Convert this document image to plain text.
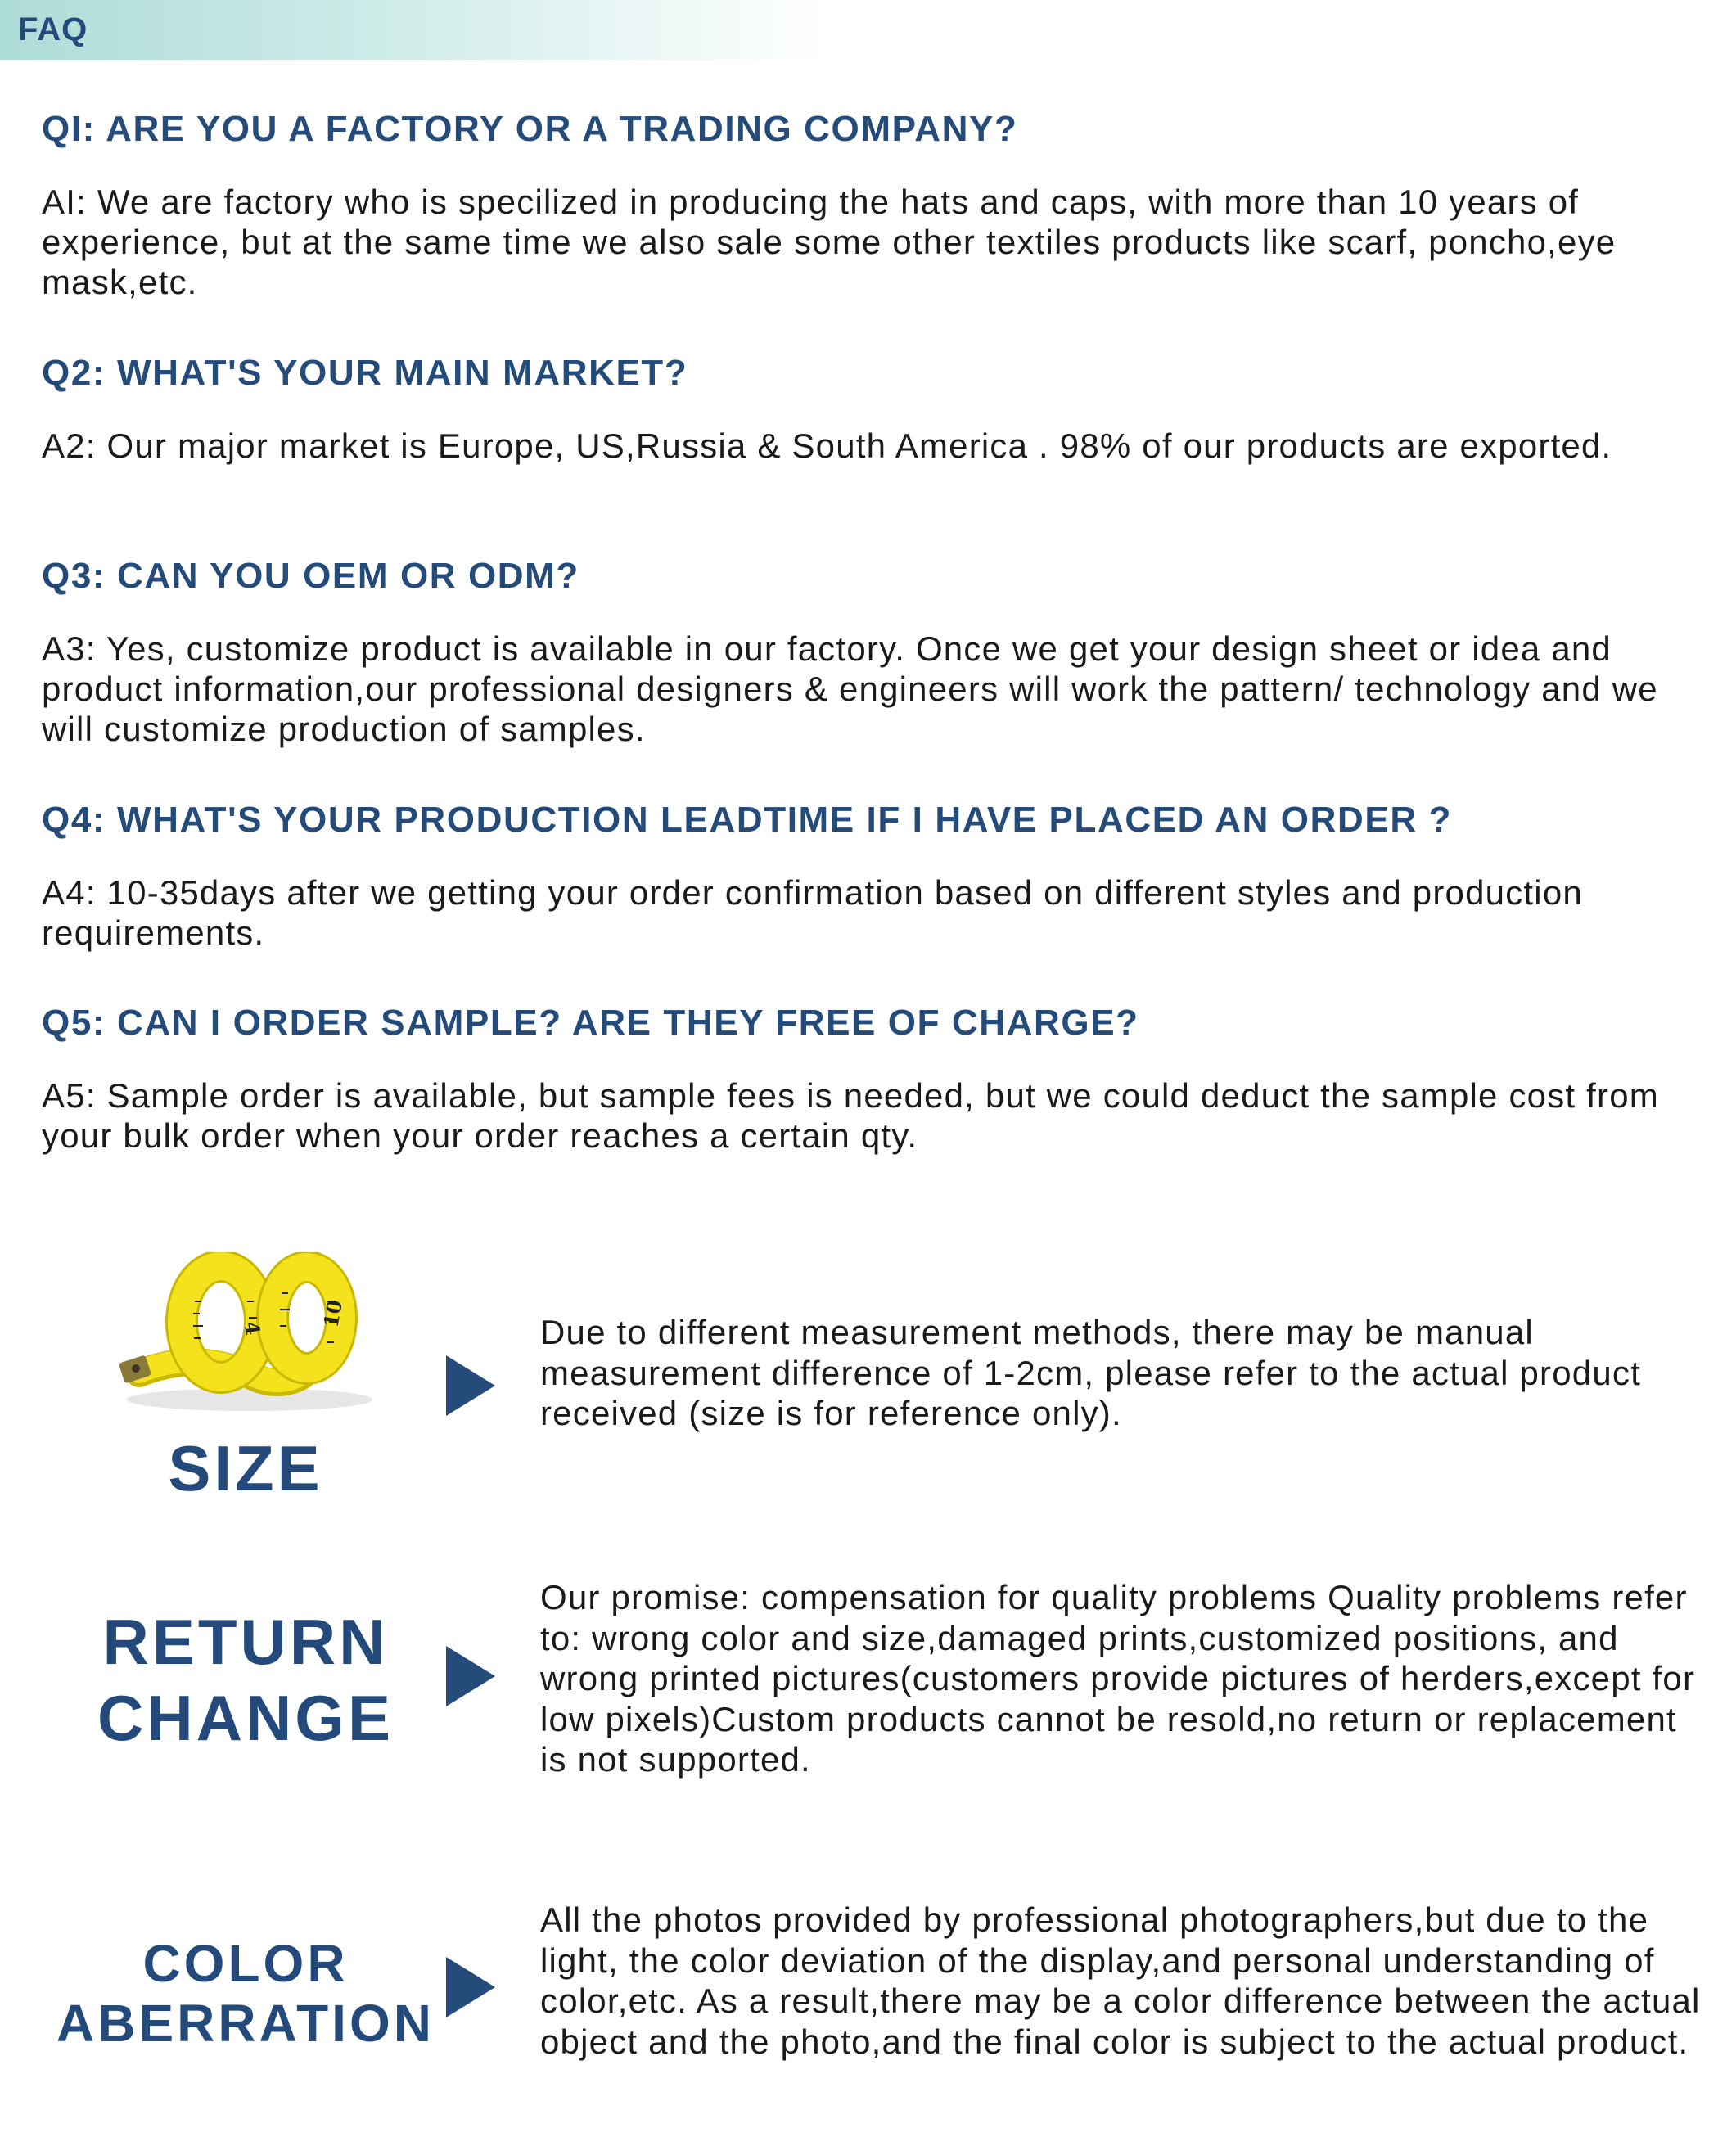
FAQ

QI: ARE YOU A FACTORY OR A TRADING COMPANY?

AI: We are factory who is specilized in producing the hats and caps, with more than 10 years of experience, but at the same time we also sale some other textiles products like scarf, poncho,eye mask,etc.

Q2: WHAT'S YOUR MAIN MARKET?

A2: Our major market is Europe, US,Russia & South America . 98% of our products are exported.

Q3: CAN YOU OEM OR ODM?

A3: Yes, customize product is available in our factory. Once we get your design sheet or idea and product information,our professional designers & engineers will work the pattern/ technology and we will customize production of samples.

Q4: WHAT'S YOUR PRODUCTION LEADTIME IF I HAVE PLACED AN ORDER ?

A4: 10-35days after we getting your order confirmation based on different styles and production requirements.

Q5: CAN I ORDER SAMPLE? ARE THEY FREE OF CHARGE?

A5: Sample order is available, but sample fees is needed, but we could deduct the sample cost from your bulk order when your order reaches a certain qty.

4	10
SIZE

Due to different measurement methods, there may be manual measurement difference of 1-2cm, please refer to the actual product received (size is for reference only).

RETURN
CHANGE

Our promise: compensation for quality problems Quality problems refer to: wrong color and size,damaged prints,customized positions, and wrong printed pictures(customers provide pictures of herders,except for low pixels)Custom products cannot be resold,no return or replacement is not supported.

COLOR
ABERRATION

All the photos provided by professional photographers,but due to the light, the color deviation of the display,and personal understanding of color,etc. As a result,there may be a color difference between the actual object and the photo,and the final color is subject to the actual product.
